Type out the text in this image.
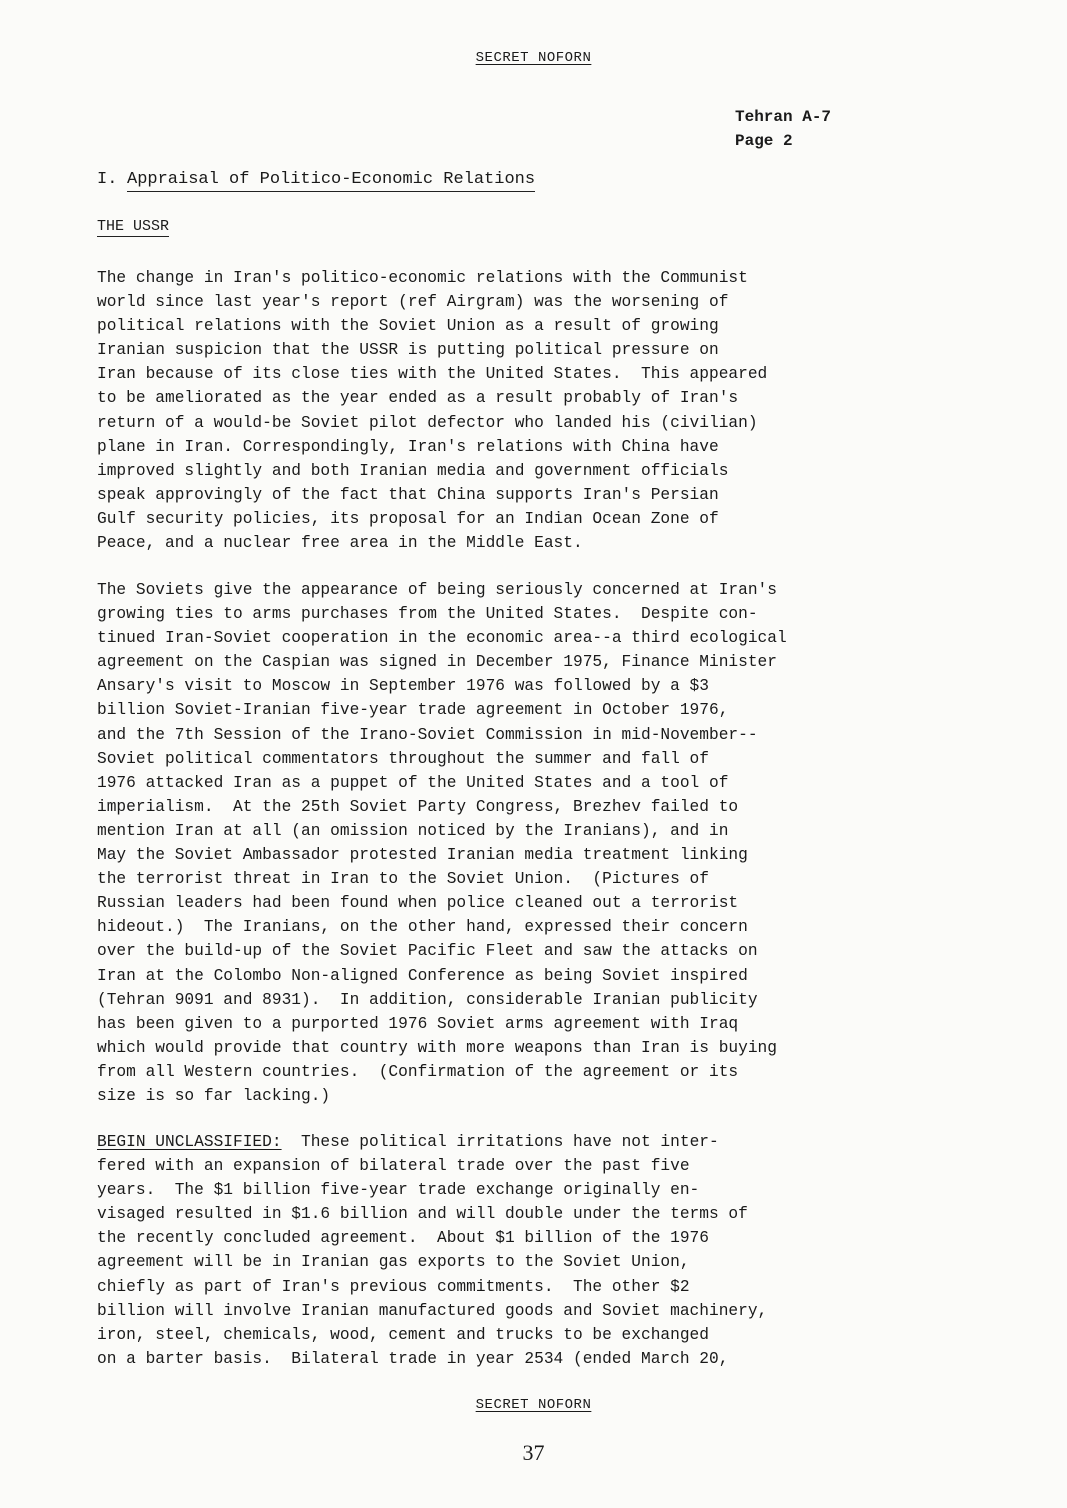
SECRET NOFORN
Tehran A-7
Page 2
I. Appraisal of Politico-Economic Relations
THE USSR
The change in Iran's politico-economic relations with the Communist
world since last year's report (ref Airgram) was the worsening of
political relations with the Soviet Union as a result of growing
Iranian suspicion that the USSR is putting political pressure on
Iran because of its close ties with the United States.  This appeared
to be ameliorated as the year ended as a result probably of Iran's
return of a would-be Soviet pilot defector who landed his (civilian)
plane in Iran. Correspondingly, Iran's relations with China have
improved slightly and both Iranian media and government officials
speak approvingly of the fact that China supports Iran's Persian
Gulf security policies, its proposal for an Indian Ocean Zone of
Peace, and a nuclear free area in the Middle East.
The Soviets give the appearance of being seriously concerned at Iran's
growing ties to arms purchases from the United States.  Despite con-
tinued Iran-Soviet cooperation in the economic area--a third ecological
agreement on the Caspian was signed in December 1975, Finance Minister
Ansary's visit to Moscow in September 1976 was followed by a $3
billion Soviet-Iranian five-year trade agreement in October 1976,
and the 7th Session of the Irano-Soviet Commission in mid-November--
Soviet political commentators throughout the summer and fall of
1976 attacked Iran as a puppet of the United States and a tool of
imperialism.  At the 25th Soviet Party Congress, Brezhev failed to
mention Iran at all (an omission noticed by the Iranians), and in
May the Soviet Ambassador protested Iranian media treatment linking
the terrorist threat in Iran to the Soviet Union.  (Pictures of
Russian leaders had been found when police cleaned out a terrorist
hideout.)  The Iranians, on the other hand, expressed their concern
over the build-up of the Soviet Pacific Fleet and saw the attacks on
Iran at the Colombo Non-aligned Conference as being Soviet inspired
(Tehran 9091 and 8931).  In addition, considerable Iranian publicity
has been given to a purported 1976 Soviet arms agreement with Iraq
which would provide that country with more weapons than Iran is buying
from all Western countries.  (Confirmation of the agreement or its
size is so far lacking.)
BEGIN UNCLASSIFIED:  These political irritations have not inter-
fered with an expansion of bilateral trade over the past five
years.  The $1 billion five-year trade exchange originally en-
visaged resulted in $1.6 billion and will double under the terms of
the recently concluded agreement.  About $1 billion of the 1976
agreement will be in Iranian gas exports to the Soviet Union,
chiefly as part of Iran's previous commitments.  The other $2
billion will involve Iranian manufactured goods and Soviet machinery,
iron, steel, chemicals, wood, cement and trucks to be exchanged
on a barter basis.  Bilateral trade in year 2534 (ended March 20,
SECRET NOFORN
37
